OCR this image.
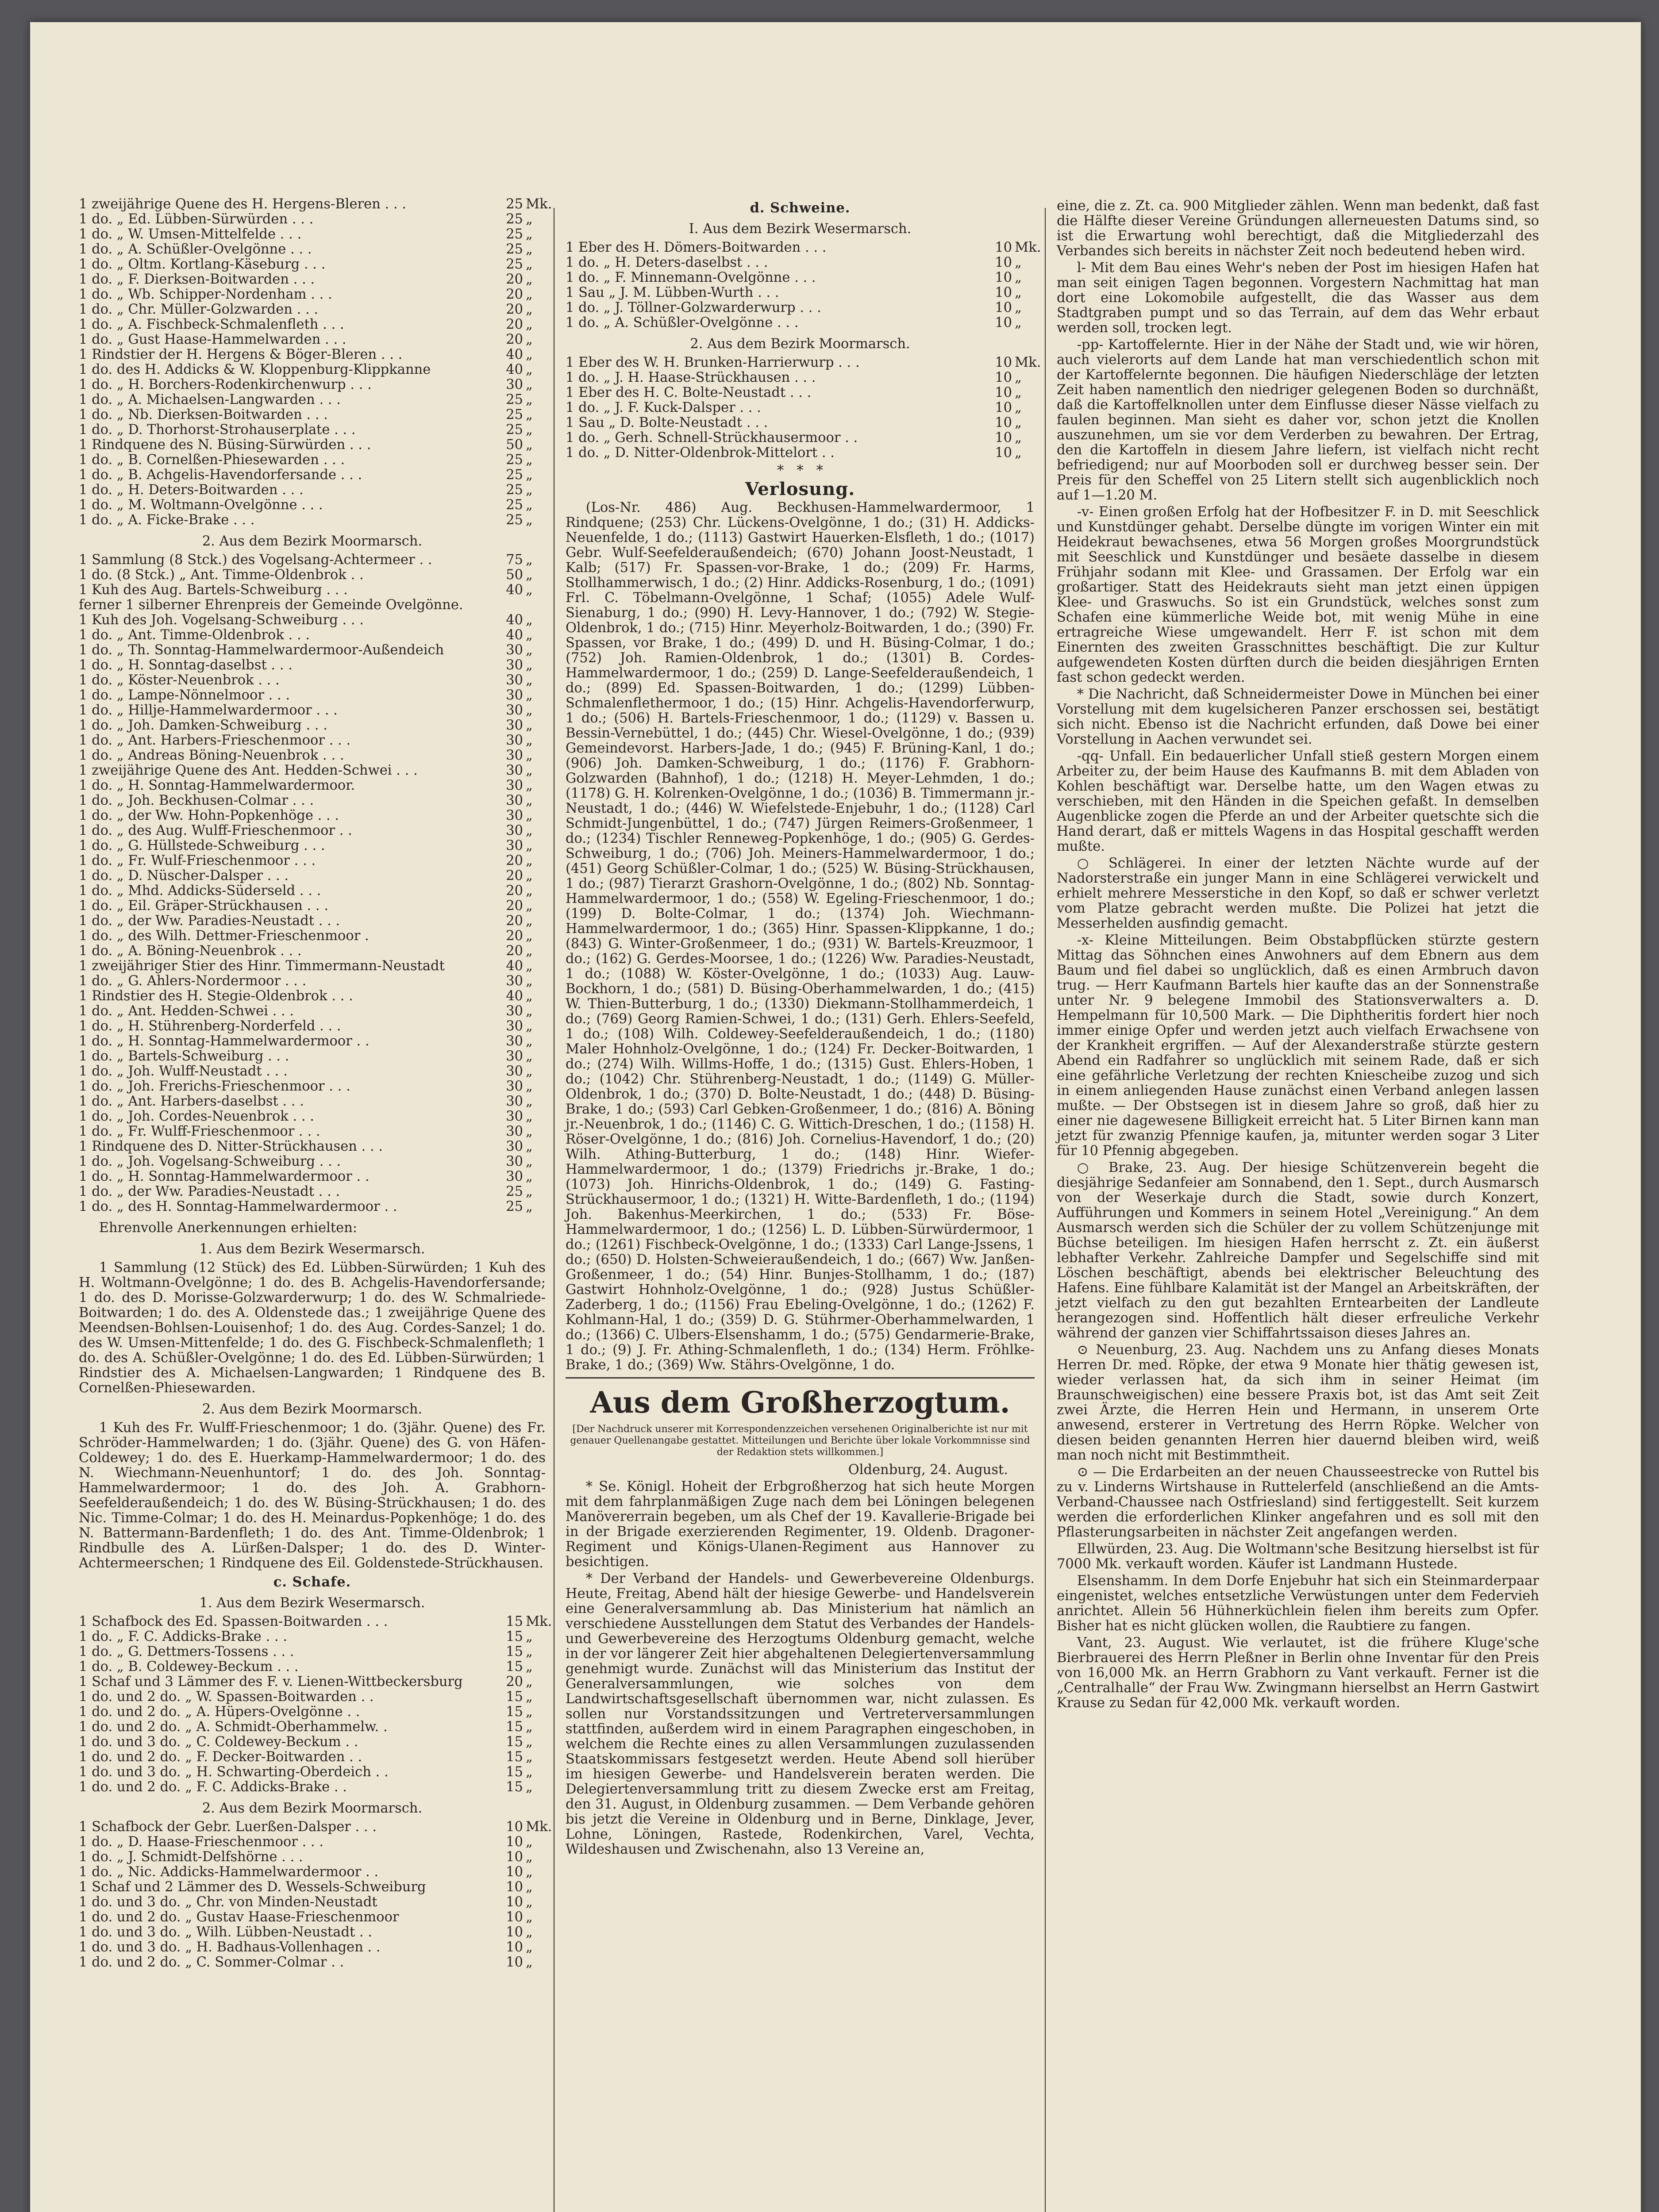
1 zweijährige Quene des H. Hergens-Bleren . . .	25 Mk.
1 do. „ Ed. Lübben-Sürwürden . . .	25 „
1 do. „ W. Umsen-Mittelfelde . . .	25 „
1 do. „ A. Schüßler-Ovelgönne . . .	25 „
1 do. „ Oltm. Kortlang-Käseburg . . .	25 „
1 do. „ F. Dierksen-Boitwarden . . .	20 „
1 do. „ Wb. Schipper-Nordenham . . .	20 „
1 do. „ Chr. Müller-Golzwarden . . .	20 „
1 do. „ A. Fischbeck-Schmalenfleth . . .	20 „
1 do. „ Gust Haase-Hammelwarden . . .	20 „
1 Rindstier der H. Hergens & Böger-Bleren . . .	40 „
1 do. des H. Addicks & W. Kloppenburg-Klippkanne	40 „
1 do. „ H. Borchers-Rodenkirchenwurp . . .	30 „
1 do. „ A. Michaelsen-Langwarden . . .	25 „
1 do. „ Nb. Dierksen-Boitwarden . . .	25 „
1 do. „ D. Thorhorst-Strohauserplate . . .	25 „
1 Rindquene des N. Büsing-Sürwürden . . .	50 „
1 do. „ B. Cornelßen-Phiesewarden . . .	25 „
1 do. „ B. Achgelis-Havendorfersande . . .	25 „
1 do. „ H. Deters-Boitwarden . . .	25 „
1 do. „ M. Woltmann-Ovelgönne . . .	25 „
1 do. „ A. Ficke-Brake . . .	25 „
2. Aus dem Bezirk Moormarsch.
1 Sammlung (8 Stck.) des Vogelsang-Achtermeer . .	75 „
1 do. (8 Stck.) „ Ant. Timme-Oldenbrok . .	50 „
1 Kuh des Aug. Bartels-Schweiburg . . .	40 „
ferner 1 silberner Ehrenpreis der Gemeinde Ovelgönne.
1 Kuh des Joh. Vogelsang-Schweiburg . . .	40 „
1 do. „ Ant. Timme-Oldenbrok . . .	40 „
1 do. „ Th. Sonntag-Hammelwardermoor-Außendeich	30 „
1 do. „ H. Sonntag-daselbst . . .	30 „
1 do. „ Köster-Neuenbrok . . .	30 „
1 do. „ Lampe-Nönnelmoor . . .	30 „
1 do. „ Hillje-Hammelwardermoor . . .	30 „
1 do. „ Joh. Damken-Schweiburg . . .	30 „
1 do. „ Ant. Harbers-Frieschenmoor . . .	30 „
1 do. „ Andreas Böning-Neuenbrok . . .	30 „
1 zweijährige Quene des Ant. Hedden-Schwei . . .	30 „
1 do. „ H. Sonntag-Hammelwardermoor.	30 „
1 do. „ Joh. Beckhusen-Colmar . . .	30 „
1 do. „ der Ww. Hohn-Popkenhöge . . .	30 „
1 do. „ des Aug. Wulff-Frieschenmoor . .	30 „
1 do. „ G. Hüllstede-Schweiburg . . .	30 „
1 do. „ Fr. Wulf-Frieschenmoor . . .	20 „
1 do. „ D. Nüscher-Dalsper . . .	20 „
1 do. „ Mhd. Addicks-Süderseld . . .	20 „
1 do. „ Eil. Gräper-Strückhausen . . .	20 „
1 do. „ der Ww. Paradies-Neustadt . . .	20 „
1 do. „ des Wilh. Dettmer-Frieschenmoor .	20 „
1 do. „ A. Böning-Neuenbrok . . .	20 „
1 zweijähriger Stier des Hinr. Timmermann-Neustadt	40 „
1 do. „ G. Ahlers-Nordermoor . . .	30 „
1 Rindstier des H. Stegie-Oldenbrok . . .	40 „
1 do. „ Ant. Hedden-Schwei . . .	30 „
1 do. „ H. Stührenberg-Norderfeld . . .	30 „
1 do. „ H. Sonntag-Hammelwardermoor . .	30 „
1 do. „ Bartels-Schweiburg . . .	30 „
1 do. „ Joh. Wulff-Neustadt . . .	30 „
1 do. „ Joh. Frerichs-Frieschenmoor . . .	30 „
1 do. „ Ant. Harbers-daselbst . . .	30 „
1 do. „ Joh. Cordes-Neuenbrok . . .	30 „
1 do. „ Fr. Wulff-Frieschenmoor . . .	30 „
1 Rindquene des D. Nitter-Strückhausen . . .	30 „
1 do. „ Joh. Vogelsang-Schweiburg . . .	30 „
1 do. „ H. Sonntag-Hammelwardermoor . .	30 „
1 do. „ der Ww. Paradies-Neustadt . . .	25 „
1 do. „ des H. Sonntag-Hammelwardermoor . .	25 „
Ehrenvolle Anerkennungen erhielten:
1. Aus dem Bezirk Wesermarsch.
1 Sammlung (12 Stück) des Ed. Lübben-Sürwürden; 1 Kuh des H. Woltmann-Ovelgönne; 1 do. des B. Achgelis-Havendorfersande; 1 do. des D. Morisse-Golzwarderwurp; 1 do. des W. Schmalriede-Boitwarden; 1 do. des A. Oldenstede das.; 1 zweijährige Quene des Meendsen-Bohlsen-Louisenhof; 1 do. des Aug. Cordes-Sanzel; 1 do. des W. Umsen-Mittenfelde; 1 do. des G. Fischbeck-Schmalenfleth; 1 do. des A. Schüßler-Ovelgönne; 1 do. des Ed. Lübben-Sürwürden; 1 Rindstier des A. Michaelsen-Langwarden; 1 Rindquene des B. Cornelßen-Phiesewarden.
2. Aus dem Bezirk Moormarsch.
1 Kuh des Fr. Wulff-Frieschenmoor; 1 do. (3jähr. Quene) des Fr. Schröder-Hammelwarden; 1 do. (3jähr. Quene) des G. von Häfen-Coldewey; 1 do. des E. Huerkamp-Hammelwardermoor; 1 do. des N. Wiechmann-Neuenhuntorf; 1 do. des Joh. Sonntag-Hammelwardermoor; 1 do. des Joh. A. Grabhorn-Seefelderaußendeich; 1 do. des W. Büsing-Strückhausen; 1 do. des Nic. Timme-Colmar; 1 do. des H. Meinardus-Popkenhöge; 1 do. des N. Battermann-Bardenfleth; 1 do. des Ant. Timme-Oldenbrok; 1 Rindbulle des A. Lürßen-Dalsper; 1 do. des D. Winter-Achtermeerschen; 1 Rindquene des Eil. Goldenstede-Strückhausen.
c. Schafe.
1. Aus dem Bezirk Wesermarsch.
1 Schafbock des Ed. Spassen-Boitwarden . . .	15 Mk.
1 do. „ F. C. Addicks-Brake . . .	15 „
1 do. „ G. Dettmers-Tossens . . .	15 „
1 do. „ B. Coldewey-Beckum . . .	15 „
1 Schaf und 3 Lämmer des F. v. Lienen-Wittbeckersburg	20 „
1 do. und 2 do. „ W. Spassen-Boitwarden . .	15 „
1 do. und 2 do. „ A. Hüpers-Ovelgönne . .	15 „
1 do. und 2 do. „ A. Schmidt-Oberhammelw. .	15 „
1 do. und 3 do. „ C. Coldewey-Beckum . .	15 „
1 do. und 2 do. „ F. Decker-Boitwarden . .	15 „
1 do. und 3 do. „ H. Schwarting-Oberdeich . .	15 „
1 do. und 2 do. „ F. C. Addicks-Brake . .	15 „
2. Aus dem Bezirk Moormarsch.
1 Schafbock der Gebr. Luerßen-Dalsper . . .	10 Mk.
1 do. „ D. Haase-Frieschenmoor . . .	10 „
1 do. „ J. Schmidt-Delfshörne . . .	10 „
1 do. „ Nic. Addicks-Hammelwardermoor . .	10 „
1 Schaf und 2 Lämmer des D. Wessels-Schweiburg	10 „
1 do. und 3 do. „ Chr. von Minden-Neustadt	10 „
1 do. und 2 do. „ Gustav Haase-Frieschenmoor	10 „
1 do. und 3 do. „ Wilh. Lübben-Neustadt . .	10 „
1 do. und 3 do. „ H. Badhaus-Vollenhagen . .	10 „
1 do. und 2 do. „ C. Sommer-Colmar . .	10 „
d. Schweine.
I. Aus dem Bezirk Wesermarsch.
1 Eber des H. Dömers-Boitwarden . . .	10 Mk.
1 do. „ H. Deters-daselbst . . .	10 „
1 do. „ F. Minnemann-Ovelgönne . . .	10 „
1 Sau „ J. M. Lübben-Wurth . . .	10 „
1 do. „ J. Töllner-Golzwarderwurp . . .	10 „
1 do. „ A. Schüßler-Ovelgönne . . .	10 „
2. Aus dem Bezirk Moormarsch.
1 Eber des W. H. Brunken-Harrierwurp . . .	10 Mk.
1 do. „ J. H. Haase-Strückhausen . . .	10 „
1 Eber des H. C. Bolte-Neustadt . . .	10 „
1 do. „ J. F. Kuck-Dalsper . . .	10 „
1 Sau „ D. Bolte-Neustadt . . .	10 „
1 do. „ Gerh. Schnell-Strückhausermoor . .	10 „
1 do. „ D. Nitter-Oldenbrok-Mittelort . .	10 „
*   *   *
Verlosung.
(Los-Nr. 486) Aug. Beckhusen-Hammelwardermoor, 1 Rindquene; (253) Chr. Lückens-Ovelgönne, 1 do.; (31) H. Addicks-Neuenfelde, 1 do.; (1113) Gastwirt Hauerken-Elsfleth, 1 do.; (1017) Gebr. Wulf-Seefelderaußendeich; (670) Johann Joost-Neustadt, 1 Kalb; (517) Fr. Spassen-vor-Brake, 1 do.; (209) Fr. Harms, Stollhammerwisch, 1 do.; (2) Hinr. Addicks-Rosenburg, 1 do.; (1091) Frl. C. Töbelmann-Ovelgönne, 1 Schaf; (1055) Adele Wulf-Sienaburg, 1 do.; (990) H. Levy-Hannover, 1 do.; (792) W. Stegie-Oldenbrok, 1 do.; (715) Hinr. Meyerholz-Boitwarden, 1 do.; (390) Fr. Spassen, vor Brake, 1 do.; (499) D. und H. Büsing-Colmar, 1 do.; (752) Joh. Ramien-Oldenbrok, 1 do.; (1301) B. Cordes-Hammelwardermoor, 1 do.; (259) D. Lange-Seefelderaußendeich, 1 do.; (899) Ed. Spassen-Boitwarden, 1 do.; (1299) Lübben-Schmalenflethermoor, 1 do.; (15) Hinr. Achgelis-Havendorferwurp, 1 do.; (506) H. Bartels-Frieschenmoor, 1 do.; (1129) v. Bassen u. Bessin-Vernebüttel, 1 do.; (445) Chr. Wiesel-Ovelgönne, 1 do.; (939) Gemeindevorst. Harbers-Jade, 1 do.; (945) F. Brüning-Kanl, 1 do.; (906) Joh. Damken-Schweiburg, 1 do.; (1176) F. Grabhorn-Golzwarden (Bahnhof), 1 do.; (1218) H. Meyer-Lehmden, 1 do.; (1178) G. H. Kolrenken-Ovelgönne, 1 do.; (1036) B. Timmermann jr.-Neustadt, 1 do.; (446) W. Wiefelstede-Enjebuhr, 1 do.; (1128) Carl Schmidt-Jungenbüttel, 1 do.; (747) Jürgen Reimers-Großenmeer, 1 do.; (1234) Tischler Renneweg-Popkenhöge, 1 do.; (905) G. Gerdes-Schweiburg, 1 do.; (706) Joh. Meiners-Hammelwardermoor, 1 do.; (451) Georg Schüßler-Colmar, 1 do.; (525) W. Büsing-Strückhausen, 1 do.; (987) Tierarzt Grashorn-Ovelgönne, 1 do.; (802) Nb. Sonntag-Hammelwardermoor, 1 do.; (558) W. Egeling-Frieschenmoor, 1 do.; (199) D. Bolte-Colmar, 1 do.; (1374) Joh. Wiechmann-Hammelwardermoor, 1 do.; (365) Hinr. Spassen-Klippkanne, 1 do.; (843) G. Winter-Großenmeer, 1 do.; (931) W. Bartels-Kreuzmoor, 1 do.; (162) G. Gerdes-Moorsee, 1 do.; (1226) Ww. Paradies-Neustadt, 1 do.; (1088) W. Köster-Ovelgönne, 1 do.; (1033) Aug. Lauw-Bockhorn, 1 do.; (581) D. Büsing-Oberhammelwarden, 1 do.; (415) W. Thien-Butterburg, 1 do.; (1330) Diekmann-Stollhammerdeich, 1 do.; (769) Georg Ramien-Schwei, 1 do.; (131) Gerh. Ehlers-Seefeld, 1 do.; (108) Wilh. Coldewey-Seefelderaußendeich, 1 do.; (1180) Maler Hohnholz-Ovelgönne, 1 do.; (124) Fr. Decker-Boitwarden, 1 do.; (274) Wilh. Willms-Hoffe, 1 do.; (1315) Gust. Ehlers-Hoben, 1 do.; (1042) Chr. Stührenberg-Neustadt, 1 do.; (1149) G. Müller-Oldenbrok, 1 do.; (370) D. Bolte-Neustadt, 1 do.; (448) D. Büsing-Brake, 1 do.; (593) Carl Gebken-Großenmeer, 1 do.; (816) A. Böning jr.-Neuenbrok, 1 do.; (1146) C. G. Wittich-Dreschen, 1 do.; (1158) H. Röser-Ovelgönne, 1 do.; (816) Joh. Cornelius-Havendorf, 1 do.; (20) Wilh. Athing-Butterburg, 1 do.; (148) Hinr. Wiefer-Hammelwardermoor, 1 do.; (1379) Friedrichs jr.-Brake, 1 do.; (1073) Joh. Hinrichs-Oldenbrok, 1 do.; (149) G. Fasting-Strückhausermoor, 1 do.; (1321) H. Witte-Bardenfleth, 1 do.; (1194) Joh. Bakenhus-Meerkirchen, 1 do.; (533) Fr. Böse-Hammelwardermoor, 1 do.; (1256) L. D. Lübben-Sürwürdermoor, 1 do.; (1261) Fischbeck-Ovelgönne, 1 do.; (1333) Carl Lange-Jssens, 1 do.; (650) D. Holsten-Schweieraußendeich, 1 do.; (667) Ww. Janßen-Großenmeer, 1 do.; (54) Hinr. Bunjes-Stollhamm, 1 do.; (187) Gastwirt Hohnholz-Ovelgönne, 1 do.; (928) Justus Schüßler-Zaderberg, 1 do.; (1156) Frau Ebeling-Ovelgönne, 1 do.; (1262) F. Kohlmann-Hal, 1 do.; (359) D. G. Stührmer-Oberhammelwarden, 1 do.; (1366) C. Ulbers-Elsenshamm, 1 do.; (575) Gendarmerie-Brake, 1 do.; (9) J. Fr. Athing-Schmalenfleth, 1 do.; (134) Herm. Fröhlke-Brake, 1 do.; (369) Ww. Stährs-Ovelgönne, 1 do.
Aus dem Großherzogtum.
[Der Nachdruck unserer mit Korrespondenzzeichen versehenen Originalberichte ist nur mit genauer Quellenangabe gestattet. Mitteilungen und Berichte über lokale Vorkommnisse sind der Redaktion stets willkommen.]
Oldenburg, 24. August.
* Se. Königl. Hoheit der Erbgroßherzog hat sich heute Morgen mit dem fahrplanmäßigen Zuge nach dem bei Löningen belegenen Manövererrain begeben, um als Chef der 19. Kavallerie-Brigade bei in der Brigade exerzierenden Regimenter, 19. Oldenb. Dragoner-Regiment und Königs-Ulanen-Regiment aus Hannover zu besichtigen.
* Der Verband der Handels- und Gewerbevereine Oldenburgs. Heute, Freitag, Abend hält der hiesige Gewerbe- und Handelsverein eine Generalversammlung ab. Das Ministerium hat nämlich an verschiedene Ausstellungen dem Statut des Verbandes der Handels- und Gewerbevereine des Herzogtums Oldenburg gemacht, welche in der vor längerer Zeit hier abgehaltenen Delegiertenversammlung genehmigt wurde. Zunächst will das Ministerium das Institut der Generalversammlungen, wie solches von dem Landwirtschaftsgesellschaft übernommen war, nicht zulassen. Es sollen nur Vorstandssitzungen und Vertreterversammlungen stattfinden, außerdem wird in einem Paragraphen eingeschoben, in welchem die Rechte eines zu allen Versammlungen zuzulassenden Staatskommissars festgesetzt werden. Heute Abend soll hierüber im hiesigen Gewerbe- und Handelsverein beraten werden. Die Delegiertenversammlung tritt zu diesem Zwecke erst am Freitag, den 31. August, in Oldenburg zusammen. — Dem Verbande gehören bis jetzt die Vereine in Oldenburg und in Berne, Dinklage, Jever, Lohne, Löningen, Rastede, Rodenkirchen, Varel, Vechta, Wildeshausen und Zwischenahn, also 13 Vereine an,
eine, die z. Zt. ca. 900 Mitglieder zählen. Wenn man bedenkt, daß fast die Hälfte dieser Vereine Gründungen allerneuesten Datums sind, so ist die Erwartung wohl berechtigt, daß die Mitgliederzahl des Verbandes sich bereits in nächster Zeit noch bedeutend heben wird.
l- Mit dem Bau eines Wehr's neben der Post im hiesigen Hafen hat man seit einigen Tagen begonnen. Vorgestern Nachmittag hat man dort eine Lokomobile aufgestellt, die das Wasser aus dem Stadtgraben pumpt und so das Terrain, auf dem das Wehr erbaut werden soll, trocken legt.
-pp- Kartoffelernte. Hier in der Nähe der Stadt und, wie wir hören, auch vielerorts auf dem Lande hat man verschiedentlich schon mit der Kartoffelernte begonnen. Die häufigen Niederschläge der letzten Zeit haben namentlich den niedriger gelegenen Boden so durchnäßt, daß die Kartoffelknollen unter dem Einflusse dieser Nässe vielfach zu faulen beginnen. Man sieht es daher vor, schon jetzt die Knollen auszunehmen, um sie vor dem Verderben zu bewahren. Der Ertrag, den die Kartoffeln in diesem Jahre liefern, ist vielfach nicht recht befriedigend; nur auf Moorboden soll er durchweg besser sein. Der Preis für den Scheffel von 25 Litern stellt sich augenblicklich noch auf 1—1.20 M.
-v- Einen großen Erfolg hat der Hofbesitzer F. in D. mit Seeschlick und Kunstdünger gehabt. Derselbe düngte im vorigen Winter ein mit Heidekraut bewachsenes, etwa 56 Morgen großes Moorgrundstück mit Seeschlick und Kunstdünger und besäete dasselbe in diesem Frühjahr sodann mit Klee- und Grassamen. Der Erfolg war ein großartiger. Statt des Heidekrauts sieht man jetzt einen üppigen Klee- und Graswuchs. So ist ein Grundstück, welches sonst zum Schafen eine kümmerliche Weide bot, mit wenig Mühe in eine ertragreiche Wiese umgewandelt. Herr F. ist schon mit dem Einernten des zweiten Grasschnittes beschäftigt. Die zur Kultur aufgewendeten Kosten dürften durch die beiden diesjährigen Ernten fast schon gedeckt werden.
* Die Nachricht, daß Schneidermeister Dowe in München bei einer Vorstellung mit dem kugelsicheren Panzer erschossen sei, bestätigt sich nicht. Ebenso ist die Nachricht erfunden, daß Dowe bei einer Vorstellung in Aachen verwundet sei.
-qq- Unfall. Ein bedauerlicher Unfall stieß gestern Morgen einem Arbeiter zu, der beim Hause des Kaufmanns B. mit dem Abladen von Kohlen beschäftigt war. Derselbe hatte, um den Wagen etwas zu verschieben, mit den Händen in die Speichen gefaßt. In demselben Augenblicke zogen die Pferde an und der Arbeiter quetschte sich die Hand derart, daß er mittels Wagens in das Hospital geschafft werden mußte.
○ Schlägerei. In einer der letzten Nächte wurde auf der Nadorsterstraße ein junger Mann in eine Schlägerei verwickelt und erhielt mehrere Messerstiche in den Kopf, so daß er schwer verletzt vom Platze gebracht werden mußte. Die Polizei hat jetzt die Messerhelden ausfindig gemacht.
-x- Kleine Mitteilungen. Beim Obstabpflücken stürzte gestern Mittag das Söhnchen eines Anwohners auf dem Ebnern aus dem Baum und fiel dabei so unglücklich, daß es einen Armbruch davon trug. — Herr Kaufmann Bartels hier kaufte das an der Sonnenstraße unter Nr. 9 belegene Immobil des Stationsverwalters a. D. Hempelmann für 10,500 Mark. — Die Diphtheritis fordert hier noch immer einige Opfer und werden jetzt auch vielfach Erwachsene von der Krankheit ergriffen. — Auf der Alexanderstraße stürzte gestern Abend ein Radfahrer so unglücklich mit seinem Rade, daß er sich eine gefährliche Verletzung der rechten Kniescheibe zuzog und sich in einem anliegenden Hause zunächst einen Verband anlegen lassen mußte. — Der Obstsegen ist in diesem Jahre so groß, daß hier zu einer nie dagewesene Billigkeit erreicht hat. 5 Liter Birnen kann man jetzt für zwanzig Pfennige kaufen, ja, mitunter werden sogar 3 Liter für 10 Pfennig abgegeben.
○ Brake, 23. Aug. Der hiesige Schützenverein begeht die diesjährige Sedanfeier am Sonnabend, den 1. Sept., durch Ausmarsch von der Weserkaje durch die Stadt, sowie durch Konzert, Aufführungen und Kommers in seinem Hotel „Vereinigung.“ An dem Ausmarsch werden sich die Schüler der zu vollem Schützenjunge mit Büchse beteiligen. Im hiesigen Hafen herrscht z. Zt. ein äußerst lebhafter Verkehr. Zahlreiche Dampfer und Segelschiffe sind mit Löschen beschäftigt, abends bei elektrischer Beleuchtung des Hafens. Eine fühlbare Kalamität ist der Mangel an Arbeitskräften, der jetzt vielfach zu den gut bezahlten Erntearbeiten der Landleute herangezogen sind. Hoffentlich hält dieser erfreuliche Verkehr während der ganzen vier Schiffahrtssaison dieses Jahres an.
⊙ Neuenburg, 23. Aug. Nachdem uns zu Anfang dieses Monats Herren Dr. med. Röpke, der etwa 9 Monate hier thätig gewesen ist, wieder verlassen hat, da sich ihm in seiner Heimat (im Braunschweigischen) eine bessere Praxis bot, ist das Amt seit Zeit zwei Ärzte, die Herren Hein und Hermann, in unserem Orte anwesend, ersterer in Vertretung des Herrn Röpke. Welcher von diesen beiden genannten Herren hier dauernd bleiben wird, weiß man noch nicht mit Bestimmtheit.
⊙ — Die Erdarbeiten an der neuen Chausseestrecke von Ruttel bis zu v. Linderns Wirtshause in Ruttelerfeld (anschließend an die Amts-Verband-Chaussee nach Ostfriesland) sind fertiggestellt. Seit kurzem werden die erforderlichen Klinker angefahren und es soll mit den Pflasterungsarbeiten in nächster Zeit angefangen werden.
Ellwürden, 23. Aug. Die Woltmann'sche Besitzung hierselbst ist für 7000 Mk. verkauft worden. Käufer ist Landmann Hustede.
Elsenshamm. In dem Dorfe Enjebuhr hat sich ein Steinmarderpaar eingenistet, welches entsetzliche Verwüstungen unter dem Federvieh anrichtet. Allein 56 Hühnerküchlein fielen ihm bereits zum Opfer. Bisher hat es nicht glücken wollen, die Raubtiere zu fangen.
Vant, 23. August. Wie verlautet, ist die frühere Kluge'sche Bierbrauerei des Herrn Pleßner in Berlin ohne Inventar für den Preis von 16,000 Mk. an Herrn Grabhorn zu Vant verkauft. Ferner ist die „Centralhalle“ der Frau Ww. Zwingmann hierselbst an Herrn Gastwirt Krause zu Sedan für 42,000 Mk. verkauft worden.
